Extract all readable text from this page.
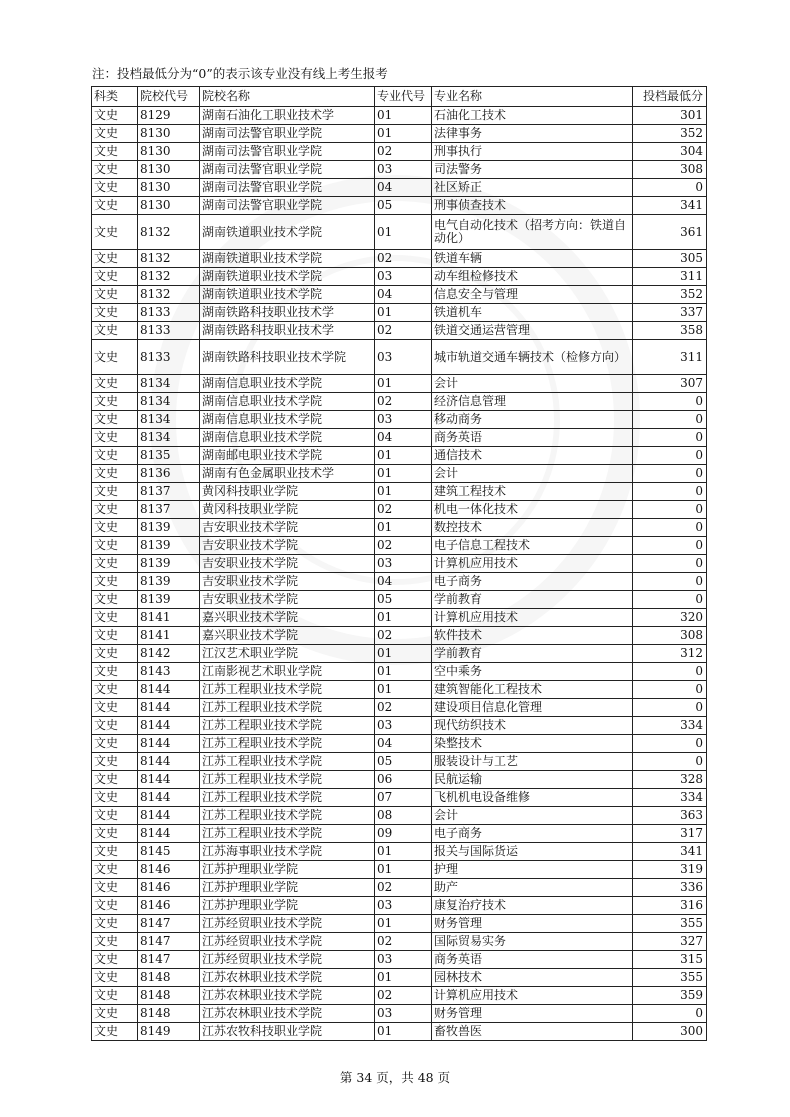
注：投档最低分为“0”的表示该专业没有线上考生报考
科类	院校代号	院校名称	专业代号	专业名称	投档最低分
文史	8129	湖南石油化工职业技术学	01	石油化工技术	301
文史	8130	湖南司法警官职业学院	01	法律事务	352
文史	8130	湖南司法警官职业学院	02	刑事执行	304
文史	8130	湖南司法警官职业学院	03	司法警务	308
文史	8130	湖南司法警官职业学院	04	社区矫正	0
文史	8130	湖南司法警官职业学院	05	刑事侦查技术	341
文史	8132	湖南铁道职业技术学院	01	电气自动化技术（招考方向：铁道自动化）	361
文史	8132	湖南铁道职业技术学院	02	铁道车辆	305
文史	8132	湖南铁道职业技术学院	03	动车组检修技术	311
文史	8132	湖南铁道职业技术学院	04	信息安全与管理	352
文史	8133	湖南铁路科技职业技术学	01	铁道机车	337
文史	8133	湖南铁路科技职业技术学	02	铁道交通运营管理	358
文史	8133	湖南铁路科技职业技术学院	03	城市轨道交通车辆技术（检修方向）	311
文史	8134	湖南信息职业技术学院	01	会计	307
文史	8134	湖南信息职业技术学院	02	经济信息管理	0
文史	8134	湖南信息职业技术学院	03	移动商务	0
文史	8134	湖南信息职业技术学院	04	商务英语	0
文史	8135	湖南邮电职业技术学院	01	通信技术	0
文史	8136	湖南有色金属职业技术学	01	会计	0
文史	8137	黄冈科技职业学院	01	建筑工程技术	0
文史	8137	黄冈科技职业学院	02	机电一体化技术	0
文史	8139	吉安职业技术学院	01	数控技术	0
文史	8139	吉安职业技术学院	02	电子信息工程技术	0
文史	8139	吉安职业技术学院	03	计算机应用技术	0
文史	8139	吉安职业技术学院	04	电子商务	0
文史	8139	吉安职业技术学院	05	学前教育	0
文史	8141	嘉兴职业技术学院	01	计算机应用技术	320
文史	8141	嘉兴职业技术学院	02	软件技术	308
文史	8142	江汉艺术职业学院	01	学前教育	312
文史	8143	江南影视艺术职业学院	01	空中乘务	0
文史	8144	江苏工程职业技术学院	01	建筑智能化工程技术	0
文史	8144	江苏工程职业技术学院	02	建设项目信息化管理	0
文史	8144	江苏工程职业技术学院	03	现代纺织技术	334
文史	8144	江苏工程职业技术学院	04	染整技术	0
文史	8144	江苏工程职业技术学院	05	服装设计与工艺	0
文史	8144	江苏工程职业技术学院	06	民航运输	328
文史	8144	江苏工程职业技术学院	07	飞机机电设备维修	334
文史	8144	江苏工程职业技术学院	08	会计	363
文史	8144	江苏工程职业技术学院	09	电子商务	317
文史	8145	江苏海事职业技术学院	01	报关与国际货运	341
文史	8146	江苏护理职业学院	01	护理	319
文史	8146	江苏护理职业学院	02	助产	336
文史	8146	江苏护理职业学院	03	康复治疗技术	316
文史	8147	江苏经贸职业技术学院	01	财务管理	355
文史	8147	江苏经贸职业技术学院	02	国际贸易实务	327
文史	8147	江苏经贸职业技术学院	03	商务英语	315
文史	8148	江苏农林职业技术学院	01	园林技术	355
文史	8148	江苏农林职业技术学院	02	计算机应用技术	359
文史	8148	江苏农林职业技术学院	03	财务管理	0
文史	8149	江苏农牧科技职业学院	01	畜牧兽医	300
第 34 页，共 48 页
